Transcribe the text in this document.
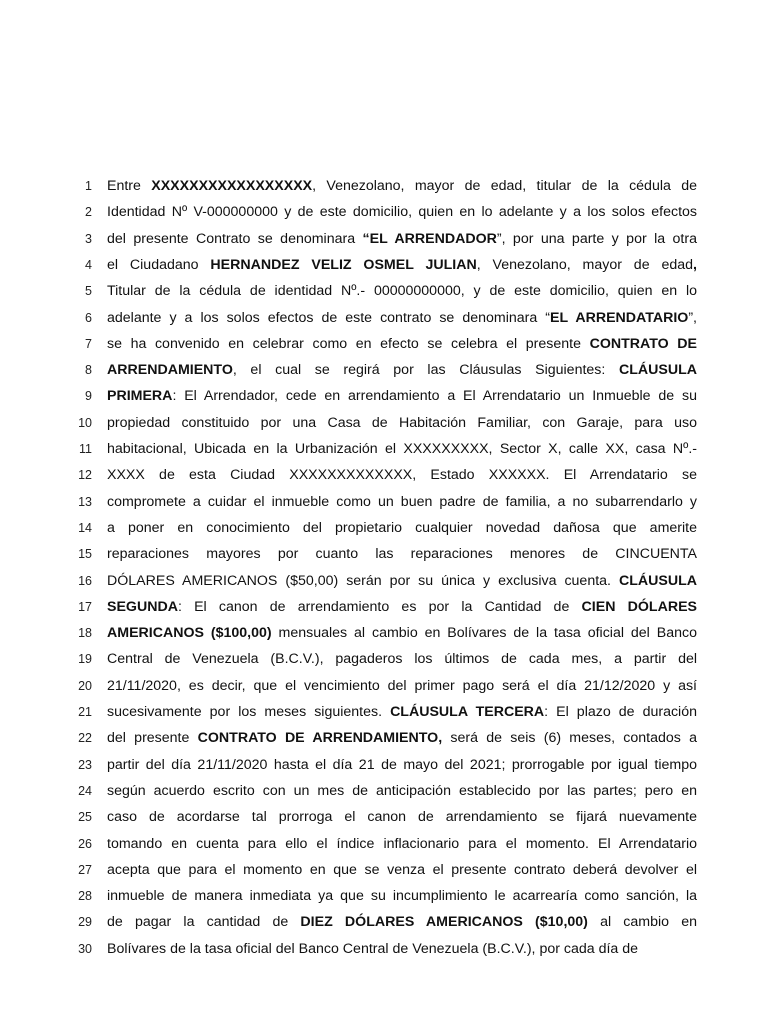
1 Entre XXXXXXXXXXXXXXXXX, Venezolano, mayor de edad, titular de la cédula de
2 Identidad Nº V-000000000 y de este domicilio, quien en lo adelante y a los solos efectos
3 del presente Contrato se denominara “EL ARRENDADOR”, por una parte y por la otra
4 el Ciudadano HERNANDEZ VELIZ OSMEL JULIAN, Venezolano, mayor de edad,
5 Titular de la cédula de identidad Nº.- 00000000000, y de este domicilio, quien en lo
6 adelante y a los solos efectos de este contrato se denominara “EL ARRENDATARIO”,
7 se ha convenido en celebrar como en efecto se celebra el presente CONTRATO DE
8 ARRENDAMIENTO, el cual se regirá por las Cláusulas Siguientes: CLÁUSULA
9 PRIMERA: El Arrendador, cede en arrendamiento a El Arrendatario un Inmueble de su
10 propiedad constituido por una Casa de Habitación Familiar, con Garaje, para uso
11 habitacional, Ubicada en la Urbanización el XXXXXXXXX, Sector X, calle XX, casa Nº.-
12 XXXX de esta Ciudad XXXXXXXXXXXXX, Estado XXXXXX. El Arrendatario se
13 compromete a cuidar el inmueble como un buen padre de familia, a no subarrendarlo y
14 a poner en conocimiento del propietario cualquier novedad dañosa que amerite
15 reparaciones mayores por cuanto las reparaciones menores de CINCUENTA
16 DÓLARES AMERICANOS ($50,00) serán por su única y exclusiva cuenta. CLÁUSULA
17 SEGUNDA: El canon de arrendamiento es por la Cantidad de CIEN DÓLARES
18 AMERICANOS ($100,00) mensuales al cambio en Bolívares de la tasa oficial del Banco
19 Central de Venezuela (B.C.V.), pagaderos los últimos de cada mes, a partir del
20 21/11/2020, es decir, que el vencimiento del primer pago será el día 21/12/2020 y así
21 sucesivamente por los meses siguientes. CLÁUSULA TERCERA: El plazo de duración
22 del presente CONTRATO DE ARRENDAMIENTO, será de seis (6) meses, contados a
23 partir del día 21/11/2020 hasta el día 21 de mayo del 2021; prorrogable por igual tiempo
24 según acuerdo escrito con un mes de anticipación establecido por las partes; pero en
25 caso de acordarse tal prorroga el canon de arrendamiento se fijará nuevamente
26 tomando en cuenta para ello el índice inflacionario para el momento. El Arrendatario
27 acepta que para el momento en que se venza el presente contrato deberá devolver el
28 inmueble de manera inmediata ya que su incumplimiento le acarrearía como sanción, la
29 de pagar la cantidad de DIEZ DÓLARES AMERICANOS ($10,00) al cambio en
30 Bolívares de la tasa oficial del Banco Central de Venezuela (B.C.V.), por cada día de
